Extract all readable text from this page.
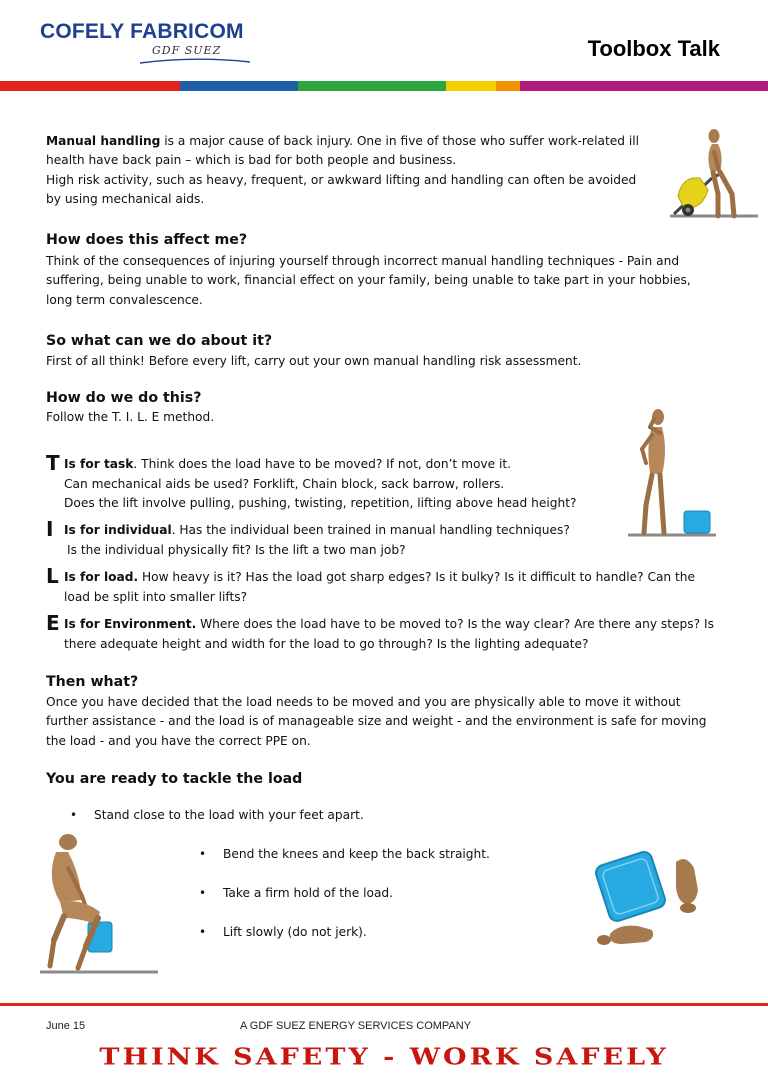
COFELY FABRICOM
GDF SUEZ	Toolbox Talk
Manual handling is a major cause of back injury. One in five of those who suffer work-related ill
health have back pain – which is bad for both people and business.
High risk activity, such as heavy, frequent, or awkward lifting and handling can often be avoided
by using mechanical aids.
How does this affect me?
Think of the consequences of injuring yourself through incorrect manual handling techniques - Pain and
suffering, being unable to work, financial effect on your family, being unable to take part in your hobbies,
long term convalescence.
So what can we do about it?
First of all think! Before every lift, carry out your own manual handling risk assessment.
How do we do this?
Follow the T. I. L. E method.
T Is for task. Think does the load have to be moved? If not, don’t move it.
Can mechanical aids be used? Forklift, Chain block, sack barrow, rollers.
Does the lift involve pulling, pushing, twisting, repetition, lifting above head height?
I Is for individual. Has the individual been trained in manual handling techniques?
Is the individual physically fit? Is the lift a two man job?
L Is for load. How heavy is it? Has the load got sharp edges? Is it bulky? Is it difficult to handle? Can the
load be split into smaller lifts?
E Is for Environment. Where does the load have to be moved to? Is the way clear? Are there any steps? Is
there adequate height and width for the load to go through? Is the lighting adequate?
Then what?
Once you have decided that the load needs to be moved and you are physically able to move it without
further assistance - and the load is of manageable size and weight - and the environment is safe for moving
the load - and you have the correct PPE on.
You are ready to tackle the load
• Stand close to the load with your feet apart.
• Bend the knees and keep the back straight.
• Take a firm hold of the load.
• Lift slowly (do not jerk).
June 15	A GDF SUEZ ENERGY SERVICES COMPANY
THINK SAFETY - WORK SAFELY
